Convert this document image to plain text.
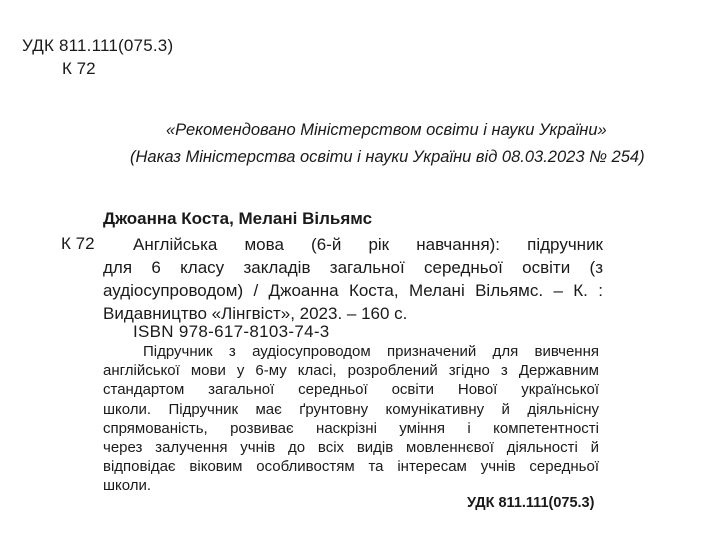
УДК 811.111(075.3)
К 72
«Рекомендовано Міністерством освіти і науки України»
(Наказ Міністерства освіти і науки України від 08.03.2023 № 254)
Джоанна Коста, Мелані Вільямс
К 72	Англійська мова (6-й рік навчання): підручник
для 6 класу закладів загальної середньої освіти (з
аудіосупроводом) / Джоанна Коста, Мелані Вільямс. – К. :
Видавництво «Лінгвіст», 2023. – 160 с.
ISBN 978-617-8103-74-3
Підручник з аудіосупроводом призначений для вивчення
англійської мови у 6-му класі, розроблений згідно з Державним
стандартом загальної середньої освіти Нової української
школи. Підручник має ґрунтовну комунікативну й діяльнісну
спрямованість, розвиває наскрізні уміння і компетентності
через залучення учнів до всіх видів мовленнєвої діяльності й
відповідає віковим особливостям та інтересам учнів середньої
школи.
УДК 811.111(075.3)
